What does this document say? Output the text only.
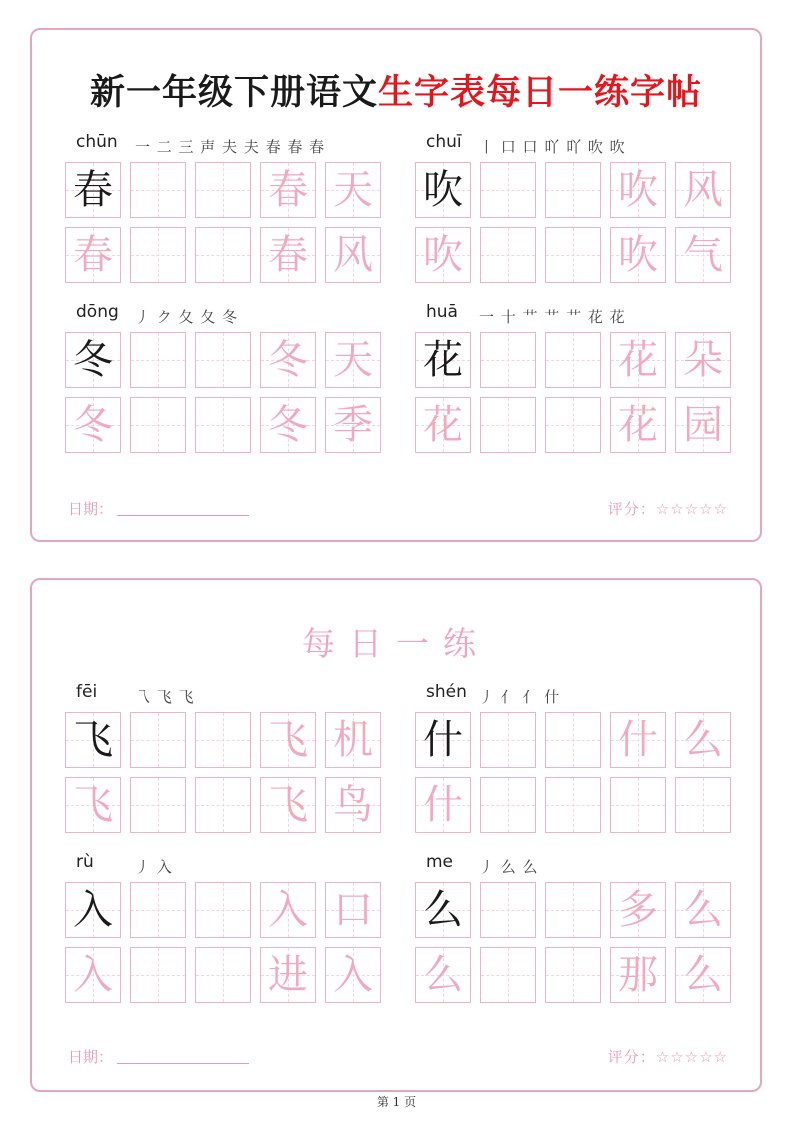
新一年级下册语文生字表每日一练字帖
chūn 一 二 三 声 夫 夫 春 春 春
春	春 天
春	春 风
chuī 丨 口 口 吖 吖 吹 吹
吹	吹 风
吹	吹 气
dōng 丿 ク 夂 夂 冬
冬	冬 天
冬	冬 季
huā 一 十 艹 艹 艹 花 花
花	花 朵
花	花 园
日期：	评分：☆☆☆☆☆
每日一练
fēi	乁 飞 飞
飞	飞 机
飞	飞 鸟
shén 丿 亻 亻 什
什	什 么
什
rù	丿 入
入	入 口
入	进 入
me 丿 么 么
么	多 么
么	那 么
日期：	评分：☆☆☆☆☆
第 1 页
